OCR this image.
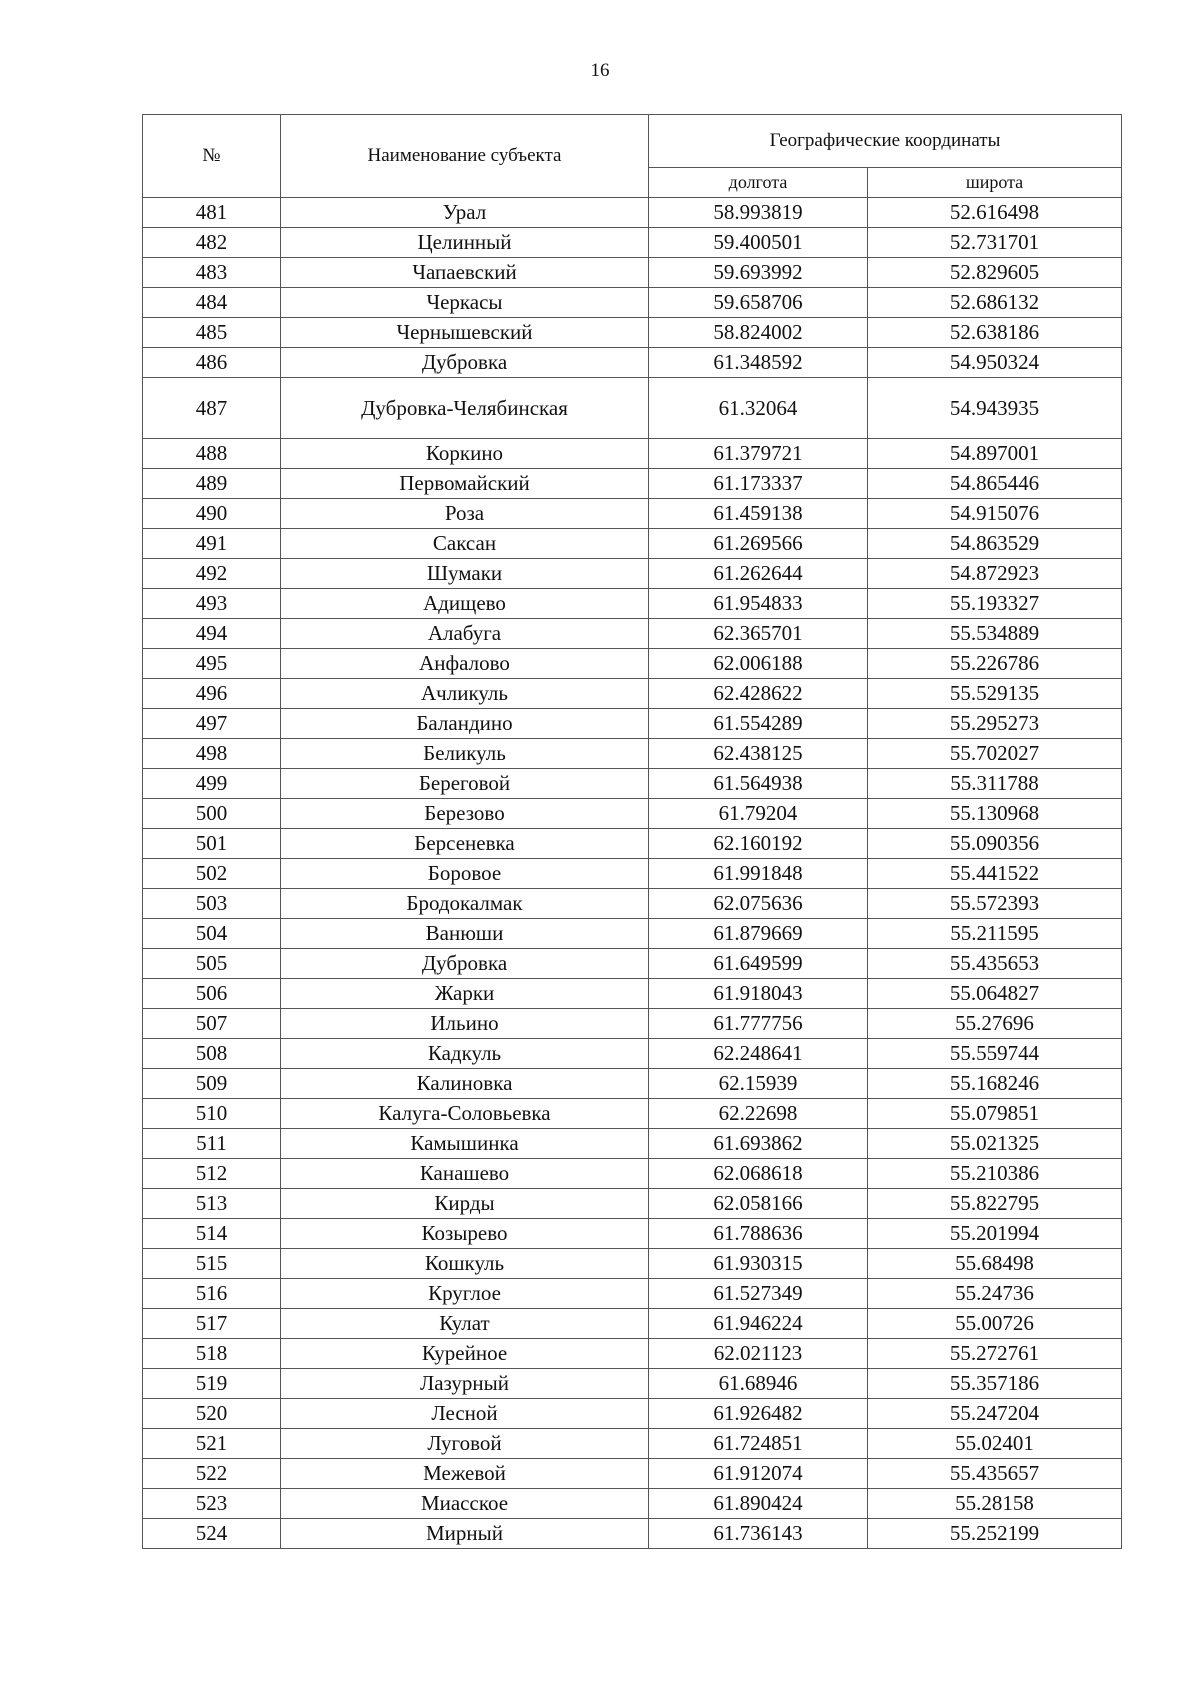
16
№	Наименование субъекта	Географические координаты	
		долгота	широта
481	Урал	58.993819	52.616498
482	Целинный	59.400501	52.731701
483	Чапаевский	59.693992	52.829605
484	Черкасы	59.658706	52.686132
485	Чернышевский	58.824002	52.638186
486	Дубровка	61.348592	54.950324
487	Дубровка-Челябинская	61.32064	54.943935
488	Коркино	61.379721	54.897001
489	Первомайский	61.173337	54.865446
490	Роза	61.459138	54.915076
491	Саксан	61.269566	54.863529
492	Шумаки	61.262644	54.872923
493	Адищево	61.954833	55.193327
494	Алабуга	62.365701	55.534889
495	Анфалово	62.006188	55.226786
496	Ачликуль	62.428622	55.529135
497	Баландино	61.554289	55.295273
498	Беликуль	62.438125	55.702027
499	Береговой	61.564938	55.311788
500	Березово	61.79204	55.130968
501	Берсеневка	62.160192	55.090356
502	Боровое	61.991848	55.441522
503	Бродокалмак	62.075636	55.572393
504	Ванюши	61.879669	55.211595
505	Дубровка	61.649599	55.435653
506	Жарки	61.918043	55.064827
507	Ильино	61.777756	55.27696
508	Кадкуль	62.248641	55.559744
509	Калиновка	62.15939	55.168246
510	Калуга-Соловьевка	62.22698	55.079851
511	Камышинка	61.693862	55.021325
512	Канашево	62.068618	55.210386
513	Кирды	62.058166	55.822795
514	Козырево	61.788636	55.201994
515	Кошкуль	61.930315	55.68498
516	Круглое	61.527349	55.24736
517	Кулат	61.946224	55.00726
518	Курейное	62.021123	55.272761
519	Лазурный	61.68946	55.357186
520	Лесной	61.926482	55.247204
521	Луговой	61.724851	55.02401
522	Межевой	61.912074	55.435657
523	Миасское	61.890424	55.28158
524	Мирный	61.736143	55.252199
